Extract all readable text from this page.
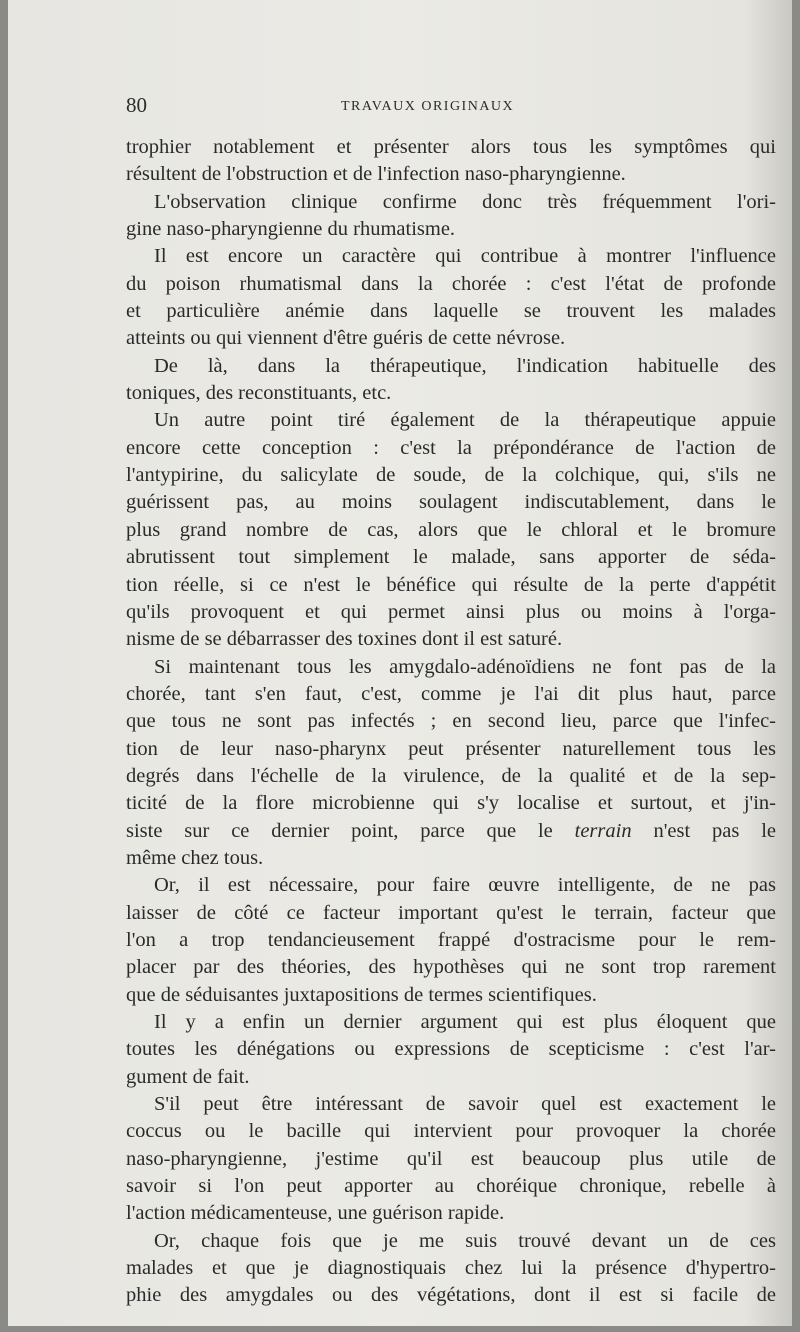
80	TRAVAUX ORIGINAUX
trophier notablement et présenter alors tous les symptômes qui
résultent de l'obstruction et de l'infection naso-pharyngienne.
L'observation clinique confirme donc très fréquemment l'ori-
gine naso-pharyngienne du rhumatisme.
Il est encore un caractère qui contribue à montrer l'influence
du poison rhumatismal dans la chorée : c'est l'état de profonde
et particulière anémie dans laquelle se trouvent les malades
atteints ou qui viennent d'être guéris de cette névrose.
De là, dans la thérapeutique, l'indication habituelle des
toniques, des reconstituants, etc.
Un autre point tiré également de la thérapeutique appuie
encore cette conception : c'est la prépondérance de l'action de
l'antypirine, du salicylate de soude, de la colchique, qui, s'ils ne
guérissent pas, au moins soulagent indiscutablement, dans le
plus grand nombre de cas, alors que le chloral et le bromure
abrutissent tout simplement le malade, sans apporter de séda-
tion réelle, si ce n'est le bénéfice qui résulte de la perte d'appétit
qu'ils provoquent et qui permet ainsi plus ou moins à l'orga-
nisme de se débarrasser des toxines dont il est saturé.
Si maintenant tous les amygdalo-adénoïdiens ne font pas de la
chorée, tant s'en faut, c'est, comme je l'ai dit plus haut, parce
que tous ne sont pas infectés ; en second lieu, parce que l'infec-
tion de leur naso-pharynx peut présenter naturellement tous les
degrés dans l'échelle de la virulence, de la qualité et de la sep-
ticité de la flore microbienne qui s'y localise et surtout, et j'in-
siste sur ce dernier point, parce que le terrain n'est pas le
même chez tous.
Or, il est nécessaire, pour faire œuvre intelligente, de ne pas
laisser de côté ce facteur important qu'est le terrain, facteur que
l'on a trop tendancieusement frappé d'ostracisme pour le rem-
placer par des théories, des hypothèses qui ne sont trop rarement
que de séduisantes juxtapositions de termes scientifiques.
Il y a enfin un dernier argument qui est plus éloquent que
toutes les dénégations ou expressions de scepticisme : c'est l'ar-
gument de fait.
S'il peut être intéressant de savoir quel est exactement le
coccus ou le bacille qui intervient pour provoquer la chorée
naso-pharyngienne, j'estime qu'il est beaucoup plus utile de
savoir si l'on peut apporter au choréique chronique, rebelle à
l'action médicamenteuse, une guérison rapide.
Or, chaque fois que je me suis trouvé devant un de ces
malades et que je diagnostiquais chez lui la présence d'hypertro-
phie des amygdales ou des végétations, dont il est si facile de
